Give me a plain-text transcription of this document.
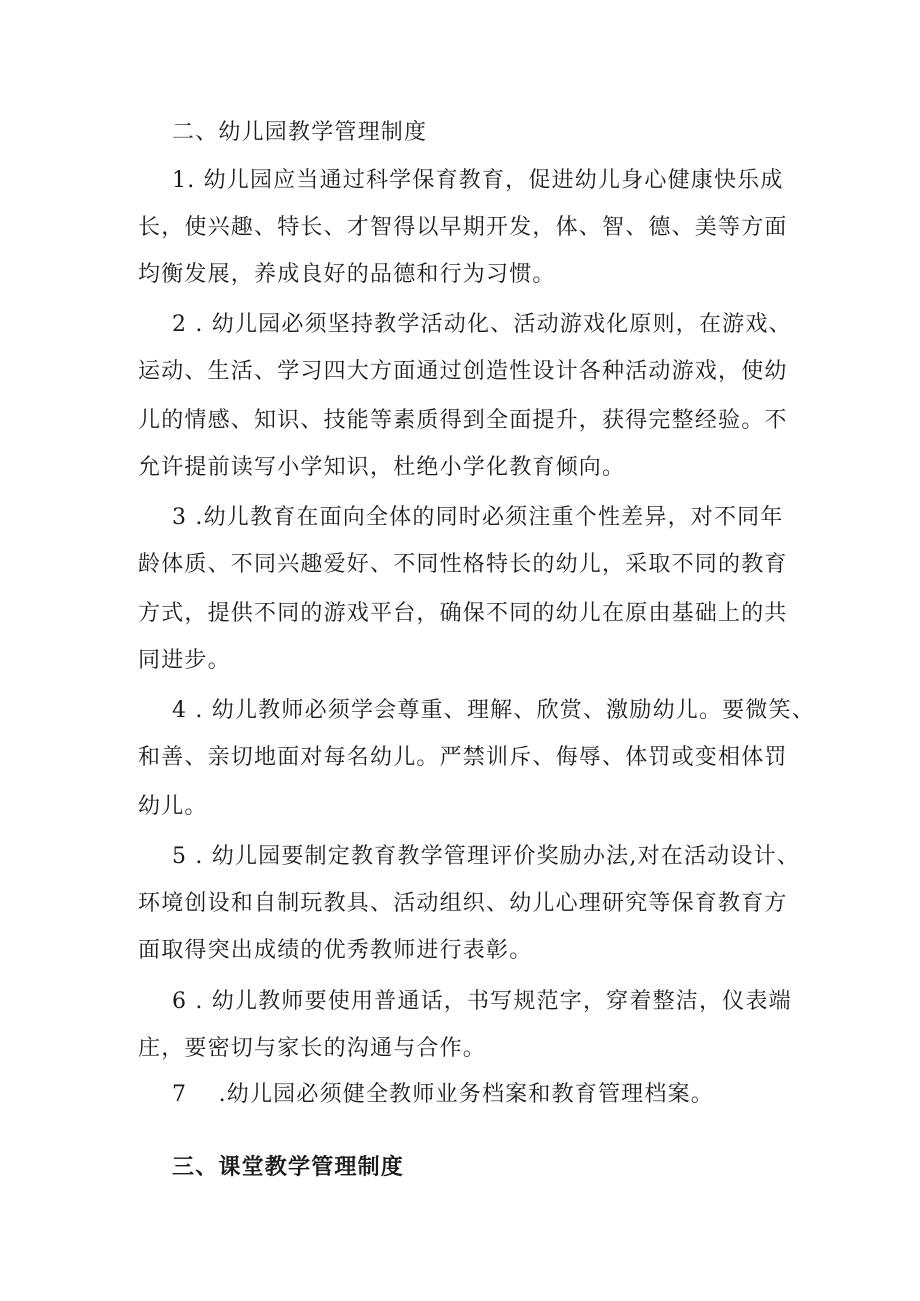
二、幼儿园教学管理制度
1. 幼儿园应当通过科学保育教育，促进幼儿身心健康快乐成
长，使兴趣、特长、才智得以早期开发，体、智、德、美等方面
均衡发展，养成良好的品德和行为习惯。
2 . 幼儿园必须坚持教学活动化、活动游戏化原则，在游戏、
运动、生活、学习四大方面通过创造性设计各种活动游戏，使幼
儿的情感、知识、技能等素质得到全面提升，获得完整经验。不
允许提前读写小学知识，杜绝小学化教育倾向。
3 .幼儿教育在面向全体的同时必须注重个性差异，对不同年
龄体质、不同兴趣爱好、不同性格特长的幼儿，采取不同的教育
方式，提供不同的游戏平台，确保不同的幼儿在原由基础上的共
同进步。
4 . 幼儿教师必须学会尊重、理解、欣赏、激励幼儿。要微笑、
和善、亲切地面对每名幼儿。严禁训斥、侮辱、体罚或变相体罚
幼儿。
5 . 幼儿园要制定教育教学管理评价奖励办法,对在活动设计、
环境创设和自制玩教具、活动组织、幼儿心理研究等保育教育方
面取得突出成绩的优秀教师进行表彰。
6 . 幼儿教师要使用普通话，书写规范字，穿着整洁，仪表端
庄，要密切与家长的沟通与合作。
7　 .幼儿园必须健全教师业务档案和教育管理档案。
三、课堂教学管理制度
